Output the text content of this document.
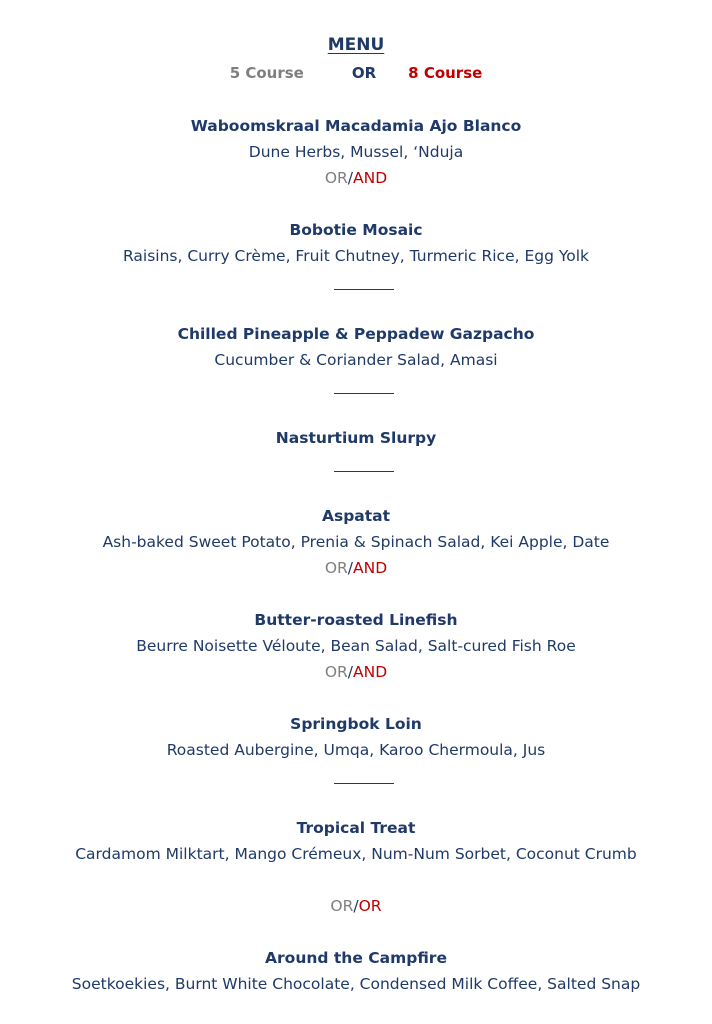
MENU
5 Course	OR 8 Course
Waboomskraal Macadamia Ajo Blanco
Dune Herbs, Mussel, ‘Nduja
OR/AND
Bobotie Mosaic
Raisins, Curry Crème, Fruit Chutney, Turmeric Rice, Egg Yolk
Chilled Pineapple & Peppadew Gazpacho
Cucumber & Coriander Salad, Amasi
Nasturtium Slurpy
Aspatat
Ash-baked Sweet Potato, Prenia & Spinach Salad, Kei Apple, Date
OR/AND
Butter-roasted Linefish
Beurre Noisette Véloute, Bean Salad, Salt-cured Fish Roe
OR/AND
Springbok Loin
Roasted Aubergine, Umqa, Karoo Chermoula, Jus
Tropical Treat
Cardamom Milktart, Mango Crémeux, Num-Num Sorbet, Coconut Crumb
OR/OR
Around the Campfire
Soetkoekies, Burnt White Chocolate, Condensed Milk Coffee, Salted Snap
